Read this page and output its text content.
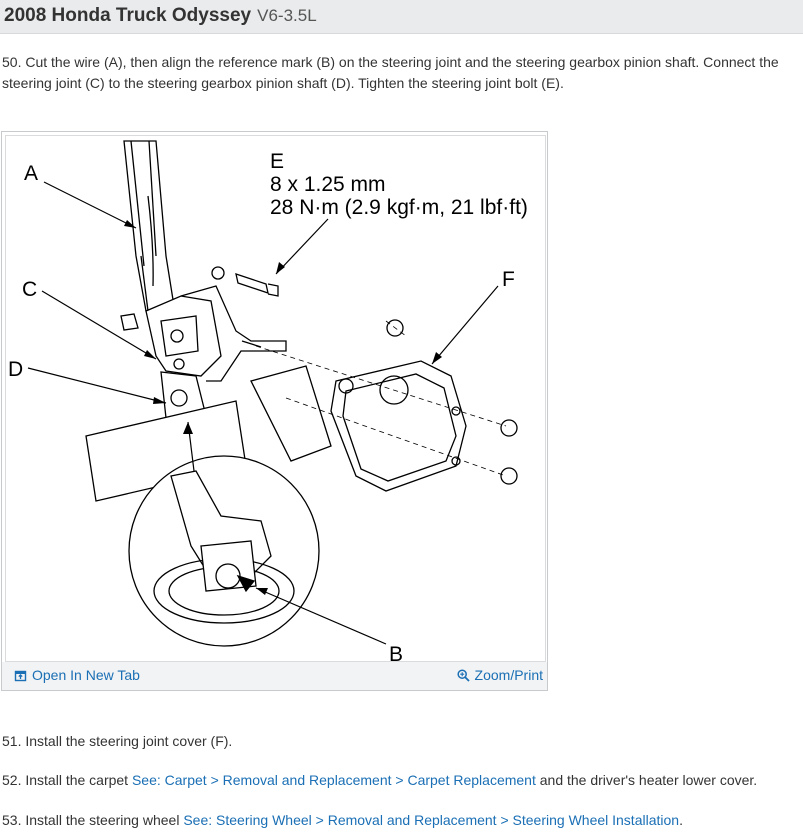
2008 Honda Truck Odyssey V6-3.5L
50. Cut the wire (A), then align the reference mark (B) on the steering joint and the steering gearbox pinion shaft. Connect the steering joint (C) to the steering gearbox pinion shaft (D). Tighten the steering joint bolt (E).
A
C
D
E
8 x 1.25 mm
28 N·m (2.9 kgf·m, 21 lbf·ft)
F
B
Open In New Tab	Zoom/Print
51. Install the steering joint cover (F).
52. Install the carpet See: Carpet > Removal and Replacement > Carpet Replacement and the driver's heater lower cover.
53. Install the steering wheel See: Steering Wheel > Removal and Replacement > Steering Wheel Installation.
